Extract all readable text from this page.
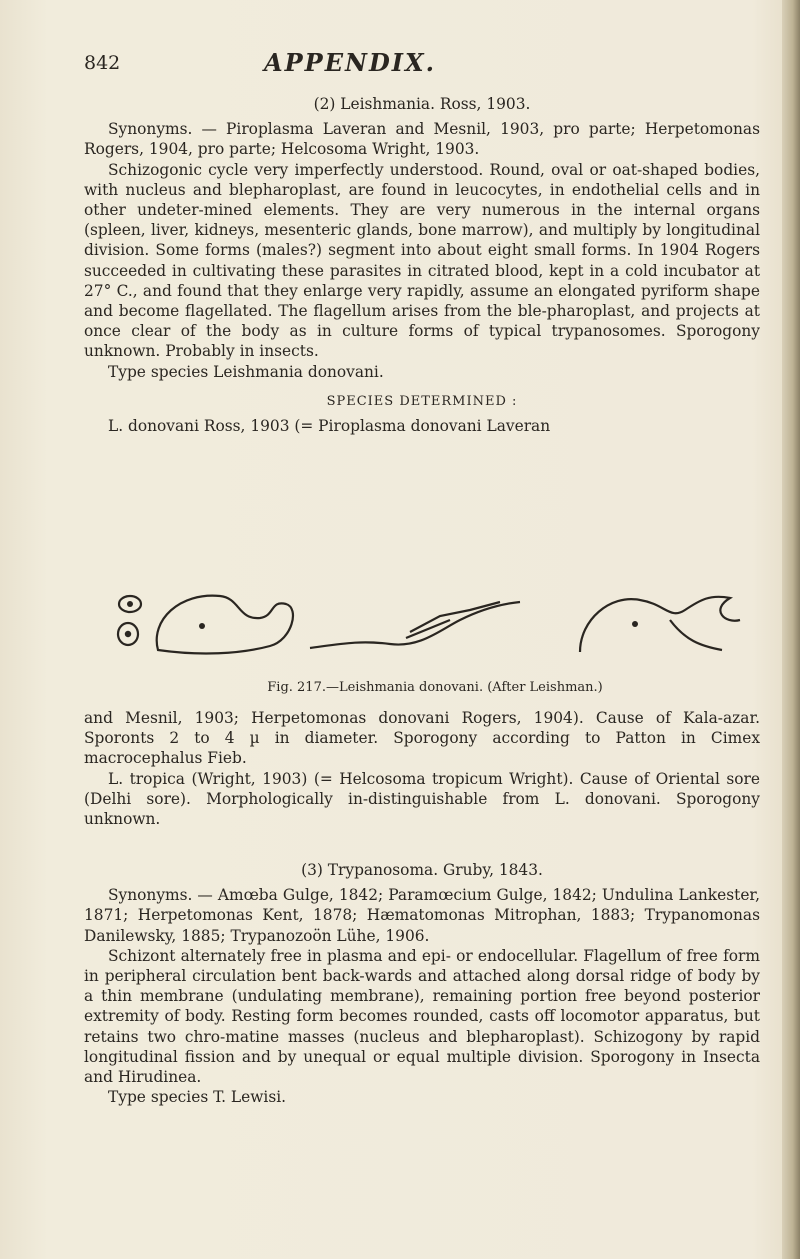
842	APPENDIX.

(2) Leishmania. Ross, 1903.

Synonyms. — Piroplasma Laveran and Mesnil, 1903, pro parte; Herpetomonas Rogers, 1904, pro parte; Helcosoma Wright, 1903.

Schizogonic cycle very imperfectly understood. Round, oval or oat-shaped bodies, with nucleus and blepharoplast, are found in leucocytes, in endothelial cells and in other undeter-mined elements. They are very numerous in the internal organs (spleen, liver, kidneys, mesenteric glands, bone marrow), and multiply by longitudinal division. Some forms (males?) segment into about eight small forms. In 1904 Rogers succeeded in cultivating these parasites in citrated blood, kept in a cold incubator at 27° C., and found that they enlarge very rapidly, assume an elongated pyriform shape and become flagellated. The flagellum arises from the ble-pharoplast, and projects at once clear of the body as in culture forms of typical trypanosomes. Sporogony unknown. Probably in insects.

Type species Leishmania donovani.

SPECIES DETERMINED :

L. donovani Ross, 1903 (= Piroplasma donovani Laveran

Fig. 217.—Leishmania donovani. (After Leishman.)

and Mesnil, 1903; Herpetomonas donovani Rogers, 1904). Cause of Kala-azar. Sporonts 2 to 4 µ in diameter. Sporogony according to Patton in Cimex macrocephalus Fieb.

L. tropica (Wright, 1903) (= Helcosoma tropicum Wright). Cause of Oriental sore (Delhi sore). Morphologically in-distinguishable from L. donovani. Sporogony unknown.

(3) Trypanosoma. Gruby, 1843.

Synonyms. — Amœba Gulge, 1842; Paramœcium Gulge, 1842; Undulina Lankester, 1871; Herpetomonas Kent, 1878; Hæmatomonas Mitrophan, 1883; Trypanomonas Danilewsky, 1885; Trypanozoön Lühe, 1906.

Schizont alternately free in plasma and epi- or endocellular. Flagellum of free form in peripheral circulation bent back-wards and attached along dorsal ridge of body by a thin membrane (undulating membrane), remaining portion free beyond posterior extremity of body. Resting form becomes rounded, casts off locomotor apparatus, but retains two chro-matine masses (nucleus and blepharoplast). Schizogony by rapid longitudinal fission and by unequal or equal multiple division. Sporogony in Insecta and Hirudinea.

Type species T. Lewisi.
